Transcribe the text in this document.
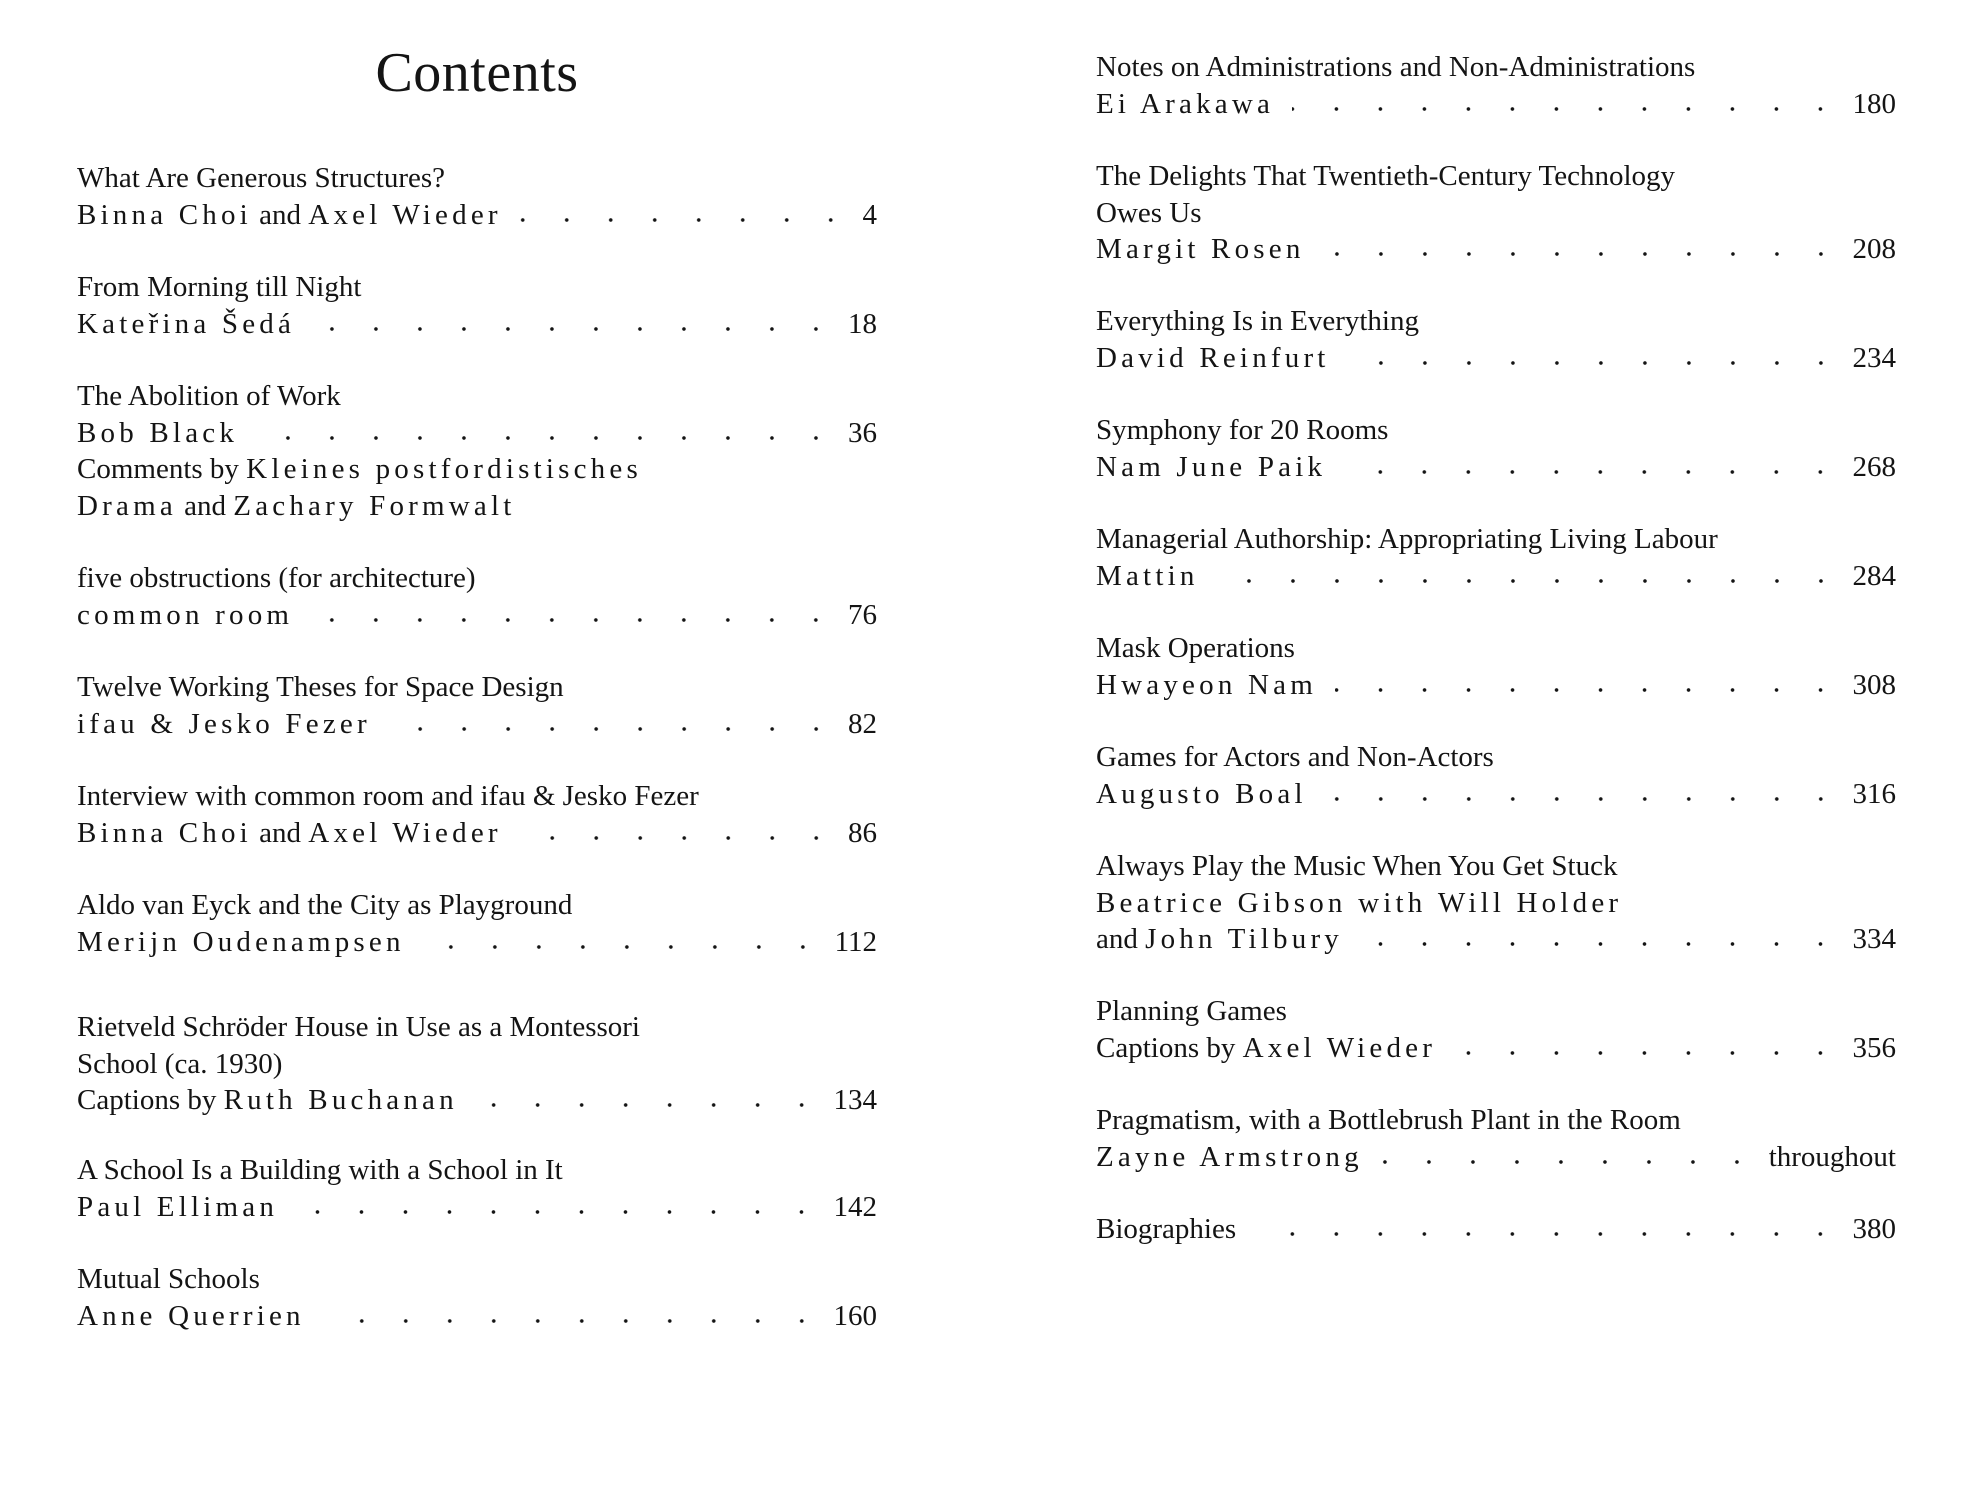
Contents
What Are Generous Structures?
Binna Choi and Axel Wieder	4
From Morning till Night
Kateřina Šedá	18
The Abolition of Work
Bob Black	36
Comments by Kleines postfordistisches
Drama and Zachary Formwalt
five obstructions (for architecture)
common room	76
Twelve Working Theses for Space Design
ifau & Jesko Fezer	82
Interview with common room and ifau & Jesko Fezer
Binna Choi and Axel Wieder	86
Aldo van Eyck and the City as Playground
Merijn Oudenampsen	112
Rietveld Schröder House in Use as a Montessori
School (ca. 1930)
Captions by Ruth Buchanan	134
A School Is a Building with a School in It
Paul Elliman	142
Mutual Schools
Anne Querrien	160
Notes on Administrations and Non-Administrations
Ei Arakawa	180
The Delights That Twentieth-Century Technology
Owes Us
Margit Rosen	208
Everything Is in Everything
David Reinfurt	234
Symphony for 20 Rooms
Nam June Paik	268
Managerial Authorship: Appropriating Living Labour
Mattin	284
Mask Operations
Hwayeon Nam	308
Games for Actors and Non-Actors
Augusto Boal	316
Always Play the Music When You Get Stuck
Beatrice Gibson with Will Holder
and John Tilbury	334
Planning Games
Captions by Axel Wieder	356
Pragmatism, with a Bottlebrush Plant in the Room
Zayne Armstrong	throughout
Biographies	380
